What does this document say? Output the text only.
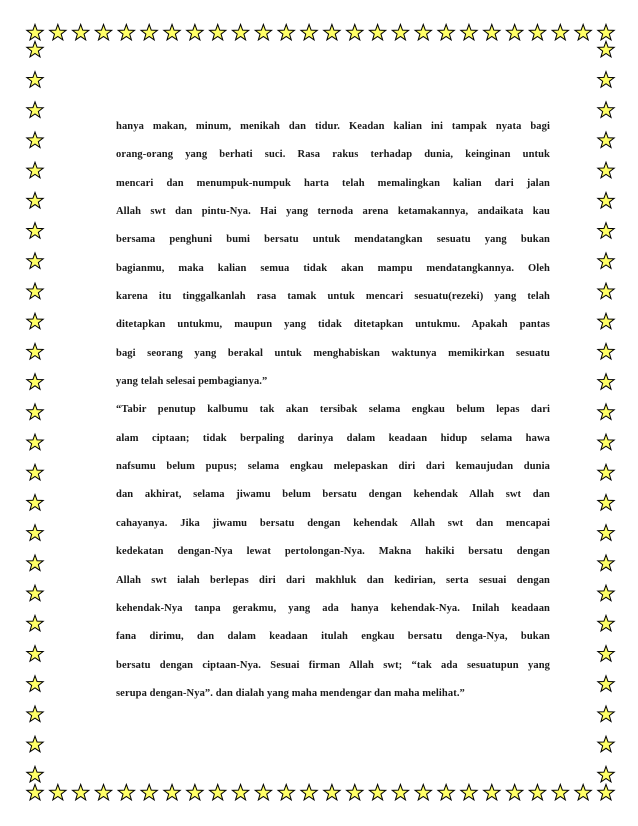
hanya makan, minum, menikah dan tidur. Keadan kalian ini tampak nyata bagi
orang-orang yang berhati suci. Rasa rakus terhadap dunia, keinginan untuk
mencari dan menumpuk-numpuk harta telah memalingkan kalian dari jalan
Allah swt dan pintu-Nya. Hai yang ternoda arena ketamakannya, andaikata kau
bersama penghuni bumi bersatu untuk mendatangkan sesuatu yang bukan
bagianmu, maka kalian semua tidak akan mampu mendatangkannya. Oleh
karena itu tinggalkanlah rasa tamak untuk mencari sesuatu(rezeki) yang telah
ditetapkan untukmu, maupun yang tidak ditetapkan untukmu. Apakah pantas
bagi seorang yang berakal untuk menghabiskan waktunya memikirkan sesuatu
yang telah selesai pembagianya.”
“Tabir penutup kalbumu tak akan tersibak selama engkau belum lepas dari
alam ciptaan; tidak berpaling darinya dalam keadaan hidup selama hawa
nafsumu belum pupus; selama engkau melepaskan diri dari kemaujudan dunia
dan akhirat, selama jiwamu belum bersatu dengan kehendak Allah swt dan
cahayanya. Jika jiwamu bersatu dengan kehendak Allah swt dan mencapai
kedekatan dengan-Nya lewat pertolongan-Nya. Makna hakiki bersatu dengan
Allah swt ialah berlepas diri dari makhluk dan kedirian, serta sesuai dengan
kehendak-Nya tanpa gerakmu, yang ada hanya kehendak-Nya. Inilah keadaan
fana dirimu, dan dalam keadaan itulah engkau bersatu denga-Nya, bukan
bersatu dengan ciptaan-Nya. Sesuai firman Allah swt; “tak ada sesuatupun yang
serupa dengan-Nya”. dan dialah yang maha mendengar dan maha melihat.”
